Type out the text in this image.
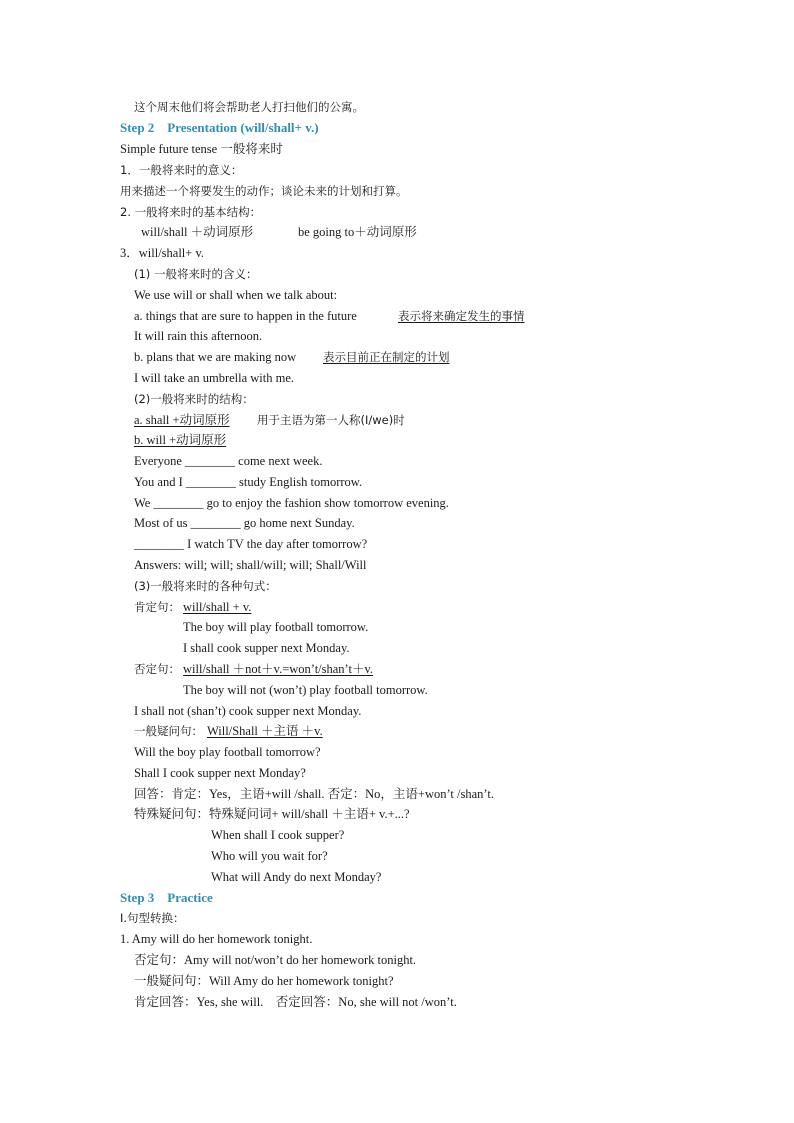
这个周末他们将会帮助老人打扫他们的公寓。
Step 2　Presentation (will/shall+ v.)
Simple future tense 一般将来时
1．一般将来时的意义：
用来描述一个将要发生的动作；谈论未来的计划和打算。
2. 一般将来时的基本结构：
will/shall ＋动词原形	be going to＋动词原形
3．will/shall+ v.
(1) 一般将来时的含义：
We use will or shall when we talk about:
a. things that are sure to happen in the future	表示将来确定发生的事情
It will rain this afternoon.
b. plans that we are making now 表示目前正在制定的计划
I will take an umbrella with me.
(2)一般将来时的结构：
a. shall +动词原形 用于主语为第一人称(I/we)时
b. will +动词原形
Everyone ________ come next week.
You and I ________ study English tomorrow.
We ________ go to enjoy the fashion show tomorrow evening.
Most of us ________ go home next Sunday.
________ I watch TV the day after tomorrow?
Answers: will; will; shall/will; will; Shall/Will
(3)一般将来时的各种句式：
肯定句： will/shall + v.
The boy will play football tomorrow.
I shall cook supper next Monday.
否定句： will/shall ＋not＋v.=won’t/shan’t＋v.
The boy will not (won’t) play football tomorrow.
I shall not (shan’t) cook supper next Monday.
一般疑问句： Will/Shall ＋主语 ＋v.
Will the boy play football tomorrow?
Shall I cook supper next Monday?
回答：肯定：Yes，主语+will /shall. 否定：No，主语+won’t /shan’t.
特殊疑问句：特殊疑问词+ will/shall ＋主语+ v.+...?
When shall I cook supper?
Who will you wait for?
What will Andy do next Monday?
Step 3　Practice
Ⅰ.句型转换：
1. Amy will do her homework tonight.
否定句：Amy will not/won’t do her homework tonight.
一般疑问句：Will Amy do her homework tonight?
肯定回答：Yes, she will.　否定回答：No, she will not /won’t.
